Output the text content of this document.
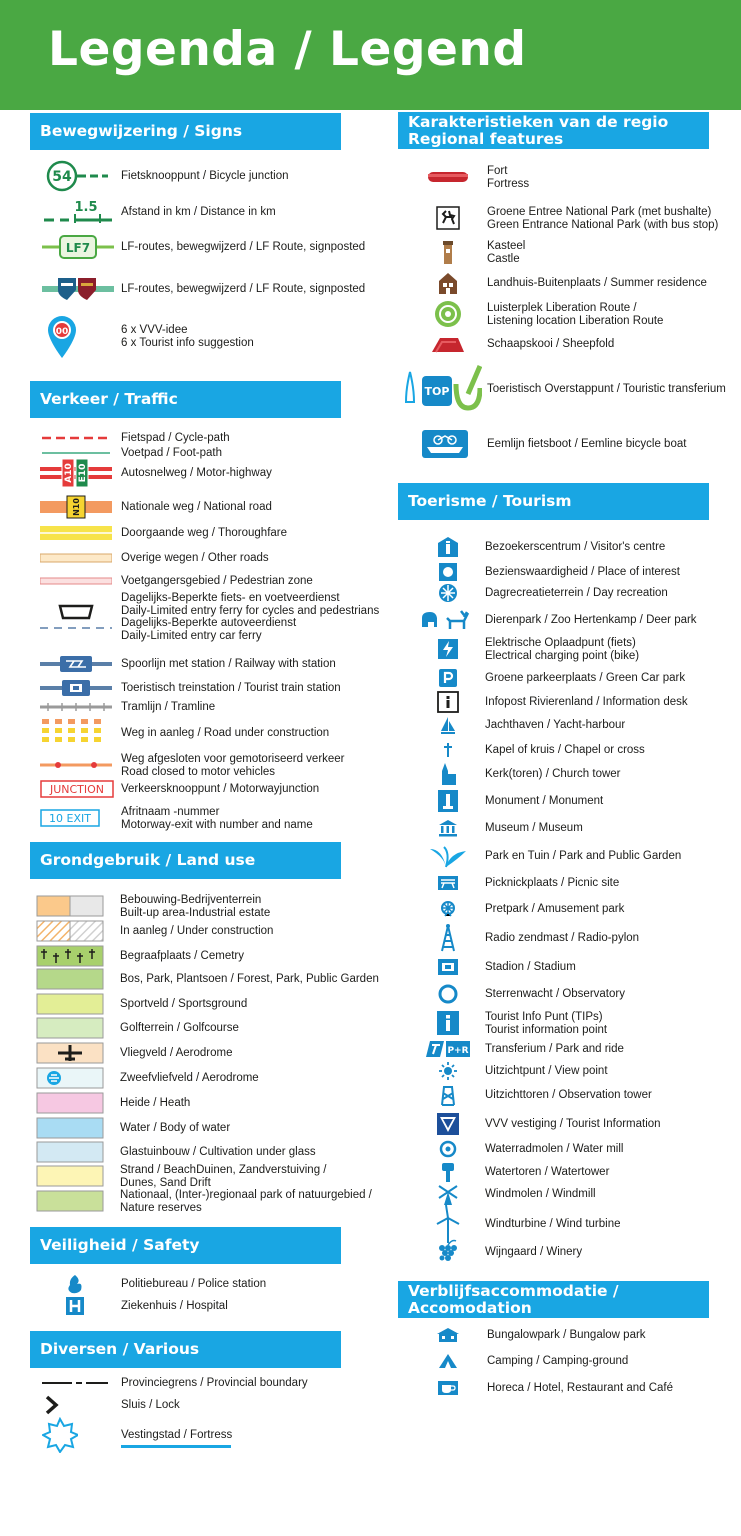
Legenda / Legend
Bewegwijzering / Signs
Verkeer / Traffic
Grondgebruik / Land use
Veiligheid / Safety
Diversen / Various
Karakteristieken van de regio
Regional features
Toerisme / Tourism
Verblijfsaccommodatie / Accomodation
54	Fietsknooppunt / Bicycle junction
1.5 Afstand in km / Distance in km
LF7	LF-routes, bewegwijzerd / LF Route, signposted
LF-routes, bewegwijzerd / LF Route, signposted
00	6 x VVV-idee
6 x Tourist info suggestion
Fietspad / Cycle-path
Voetpad / Foot-path
A10 E10	Autosnelweg / Motor-highway
N10	Nationale weg / National road
Doorgaande weg / Thoroughfare
Overige wegen / Other roads
Voetgangersgebied / Pedestrian zone
Dagelijks-Beperkte fiets- en voetveerdienst
Daily-Limited entry ferry for cycles and pedestrians
Dagelijks-Beperkte autoveerdienst
Daily-Limited entry car ferry
Spoorlijn met station / Railway with station
Toeristisch treinstation / Tourist train station
Tramlijn / Tramline
Weg in aanleg / Road under construction
Weg afgesloten voor gemotoriseerd verkeer
Road closed to motor vehicles
JUNCTION Verkeersknooppunt / Motorwayjunction
10 EXIT	Afritnaam -nummer
Motorway-exit with number and name
Bebouwing-Bedrijventerrein
Built-up area-Industrial estate
In aanleg / Under construction
Begraafplaats / Cemetry
Bos, Park, Plantsoen / Forest, Park, Public Garden
Sportveld / Sportsground
Golfterrein / Golfcourse
Vliegveld / Aerodrome
Zweefvliefveld / Aerodrome
Heide / Heath
Water / Body of water
Glastuinbouw / Cultivation under glass
Strand / BeachDuinen, Zandverstuiving /
Dunes, Sand Drift
Nationaal, (Inter-)regionaal park of natuurgebied /
Nature reserves
Politiebureau / Police station
Ziekenhuis / Hospital
Provinciegrens / Provincial boundary
Sluis / Lock
Vestingstad / Fortress
Fort
Fortress
Groene Entree National Park (met bushalte)
Green Entrance National Park (with bus stop)
Kasteel
Castle
Landhuis-Buitenplaats / Summer residence
Luisterplek Liberation Route /
Listening location Liberation Route
Schaapskooi / Sheepfold
TOP	Toeristisch Overstappunt / Touristic transferium
Eemlijn fietsboot / Eemline bicycle boat
Bezoekerscentrum / Visitor's centre
Bezienswaardigheid / Place of interest
Dagrecreatieterrein / Day recreation
Dierenpark / Zoo Hertenkamp / Deer park
Elektrische Oplaadpunt (fiets)
Electrical charging point (bike)
Groene parkeerplaats / Green Car park
Infopost Rivierenland / Information desk
Jachthaven / Yacht-harbour
Kapel of kruis / Chapel or cross
Kerk(toren) / Church tower
Monument / Monument
Museum / Museum
Park en Tuin / Park and Public Garden
Picknickplaats / Picnic site
Pretpark / Amusement park
Radio zendmast / Radio-pylon
Stadion / Stadium
Sterrenwacht / Observatory
Tourist Info Punt (TIPs)
Tourist information point
P+R Transferium / Park and ride
Uitzichtpunt / View point
Uitzichttoren / Observation tower
VVV vestiging / Tourist Information
Waterradmolen / Water mill
Watertoren / Watertower
Windmolen / Windmill
Windturbine / Wind turbine
Wijngaard / Winery
Bungalowpark / Bungalow park
Camping / Camping-ground
Horeca / Hotel, Restaurant and Café
